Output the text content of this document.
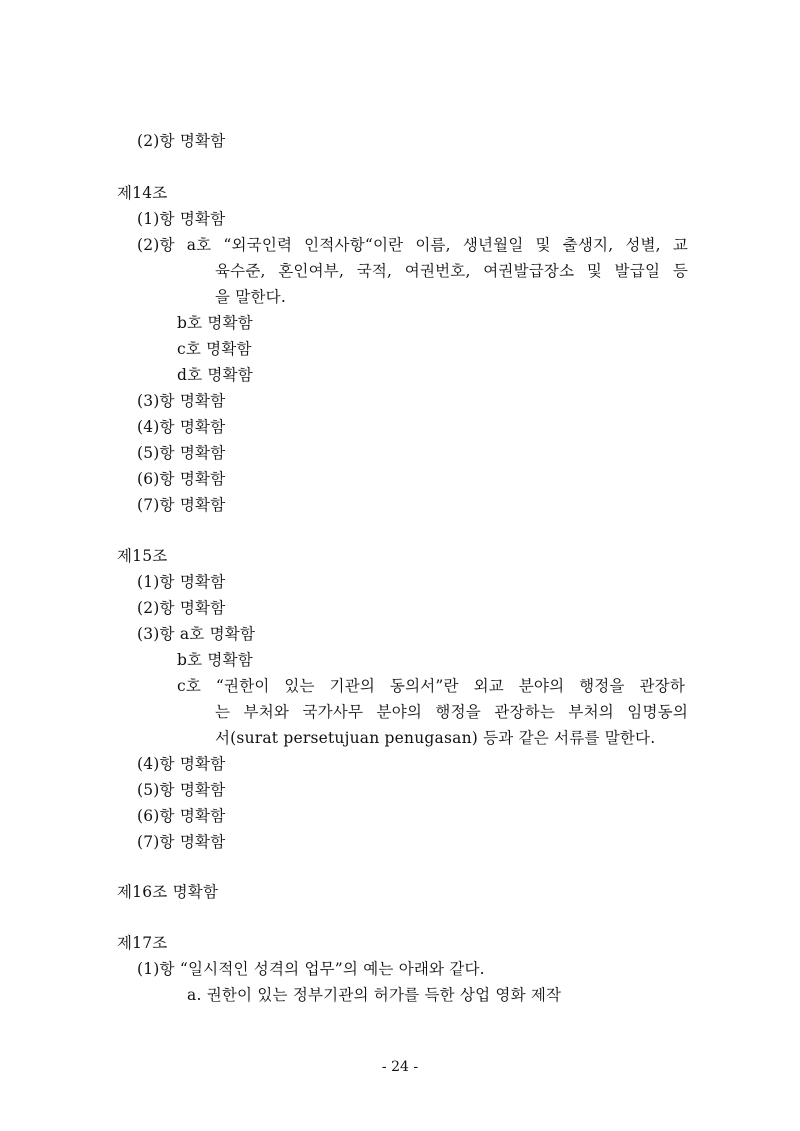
(2)항 명확함
제14조
(1)항 명확함
(2)항 a호 “외국인력 인적사항“이란 이름, 생년월일 및 출생지, 성별, 교
육수준, 혼인여부, 국적, 여권번호, 여권발급장소 및 발급일 등
을 말한다.
b호 명확함
c호 명확함
d호 명확함
(3)항 명확함
(4)항 명확함
(5)항 명확함
(6)항 명확함
(7)항 명확함
제15조
(1)항 명확함
(2)항 명확함
(3)항 a호 명확함
b호 명확함
c호 “권한이 있는 기관의 동의서”란 외교 분야의 행정을 관장하
는 부처와 국가사무 분야의 행정을 관장하는 부처의 임명동의
서(surat persetujuan penugasan) 등과 같은 서류를 말한다.
(4)항 명확함
(5)항 명확함
(6)항 명확함
(7)항 명확함
제16조 명확함
제17조
(1)항 “일시적인 성격의 업무”의 예는 아래와 같다.
a. 권한이 있는 정부기관의 허가를 득한 상업 영화 제작
- 24 -
